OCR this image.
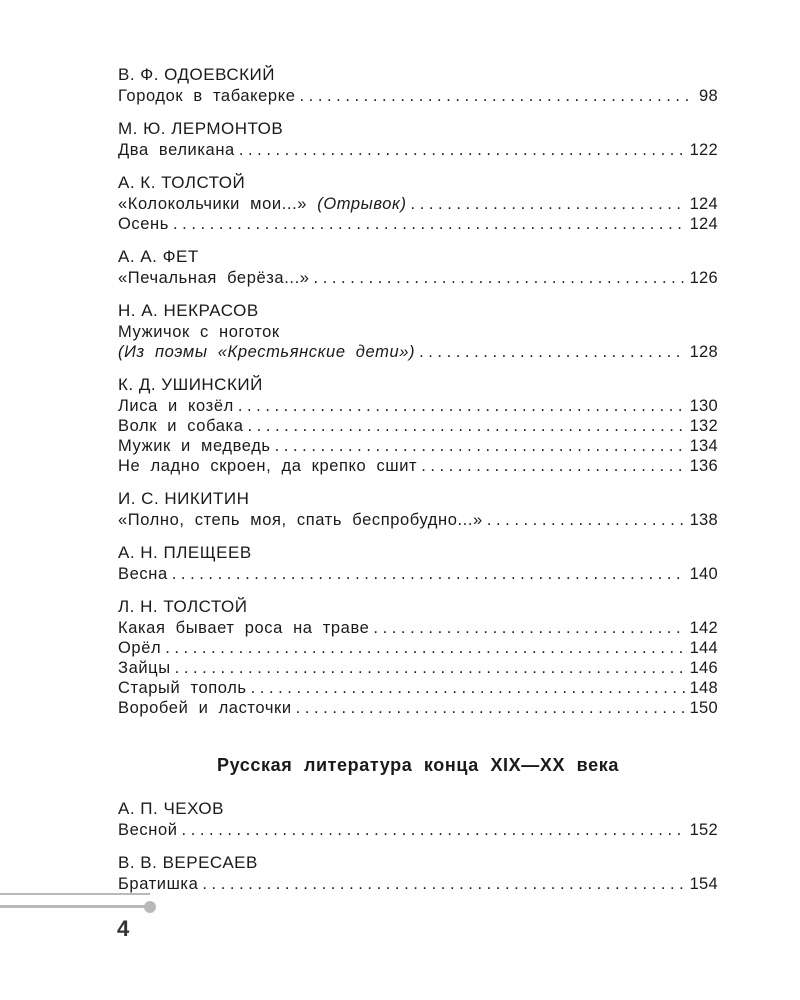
В. Ф. ОДОЕВСКИЙ
Городок в табакерке . . .	98
М. Ю. ЛЕРМОНТОВ
Два великана . . .	122
А. К. ТОЛСТОЙ
«Колокольчики мои...» (Отрывок) . . .	124
Осень . . .	124
А. А. ФЕТ
«Печальная берёза...» . . .	126
Н. А. НЕКРАСОВ
Мужичок с ноготок
(Из поэмы «Крестьянские дети») . . .	128
К. Д. УШИНСКИЙ
Лиса и козёл . . .	130
Волк и собака . . .	132
Мужик и медведь . . .	134
Не ладно скроен, да крепко сшит . . .	136
И. С. НИКИТИН
«Полно, степь моя, спать беспробудно...» . . .	138
А. Н. ПЛЕЩЕЕВ
Весна . . .	140
Л. Н. ТОЛСТОЙ
Какая бывает роса на траве . . .	142
Орёл . . .	144
Зайцы . . .	146
Старый тополь . . .	148
Воробей и ласточки . . .	150
Русская литература конца XIX—XX века
А. П. ЧЕХОВ
Весной . . .	152
В. В. ВЕРЕСАЕВ
Братишка . . .	154
4
